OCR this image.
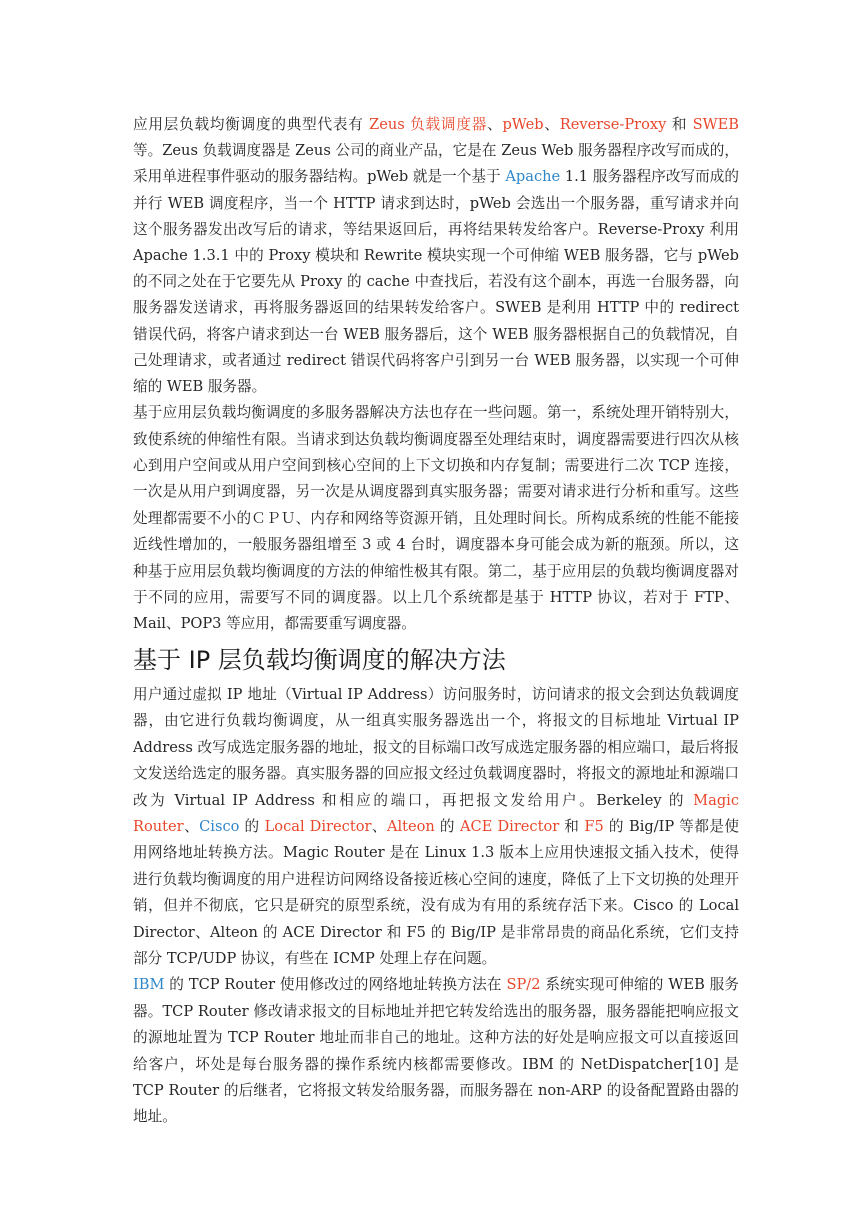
应用层负载均衡调度的典型代表有 Zeus 负载调度器、pWeb、Reverse-Proxy 和 SWEB 等。Zeus 负载调度器是 Zeus 公司的商业产品，它是在 Zeus Web 服务器程序改写而成的，采用单进程事件驱动的服务器结构。pWeb 就是一个基于 Apache 1.1 服务器程序改写而成的并行 WEB 调度程序，当一个 HTTP 请求到达时，pWeb 会选出一个服务器，重写请求并向这个服务器发出改写后的请求，等结果返回后，再将结果转发给客户。Reverse-Proxy 利用 Apache 1.3.1 中的 Proxy 模块和 Rewrite 模块实现一个可伸缩 WEB 服务器，它与 pWeb 的不同之处在于它要先从 Proxy 的 cache 中查找后，若没有这个副本，再选一台服务器，向服务器发送请求，再将服务器返回的结果转发给客户。SWEB 是利用 HTTP 中的 redirect 错误代码，将客户请求到达一台 WEB 服务器后，这个 WEB 服务器根据自己的负载情况，自己处理请求，或者通过 redirect 错误代码将客户引到另一台 WEB 服务器，以实现一个可伸缩的 WEB 服务器。

基于应用层负载均衡调度的多服务器解决方法也存在一些问题。第一，系统处理开销特别大，致使系统的伸缩性有限。当请求到达负载均衡调度器至处理结束时，调度器需要进行四次从核心到用户空间或从用户空间到核心空间的上下文切换和内存复制；需要进行二次 TCP 连接，一次是从用户到调度器，另一次是从调度器到真实服务器；需要对请求进行分析和重写。这些处理都需要不小的ＣＰＵ、内存和网络等资源开销，且处理时间长。所构成系统的性能不能接近线性增加的，一般服务器组增至 3 或 4 台时，调度器本身可能会成为新的瓶颈。所以，这种基于应用层负载均衡调度的方法的伸缩性极其有限。第二，基于应用层的负载均衡调度器对于不同的应用，需要写不同的调度器。以上几个系统都是基于 HTTP 协议，若对于 FTP、Mail、POP3 等应用，都需要重写调度器。

基于 IP 层负载均衡调度的解决方法

用户通过虚拟 IP 地址（Virtual IP Address）访问服务时，访问请求的报文会到达负载调度器，由它进行负载均衡调度，从一组真实服务器选出一个，将报文的目标地址 Virtual IP Address 改写成选定服务器的地址，报文的目标端口改写成选定服务器的相应端口，最后将报文发送给选定的服务器。真实服务器的回应报文经过负载调度器时，将报文的源地址和源端口改为 Virtual IP Address 和相应的端口，再把报文发给用户。Berkeley 的 Magic Router、Cisco 的 Local Director、Alteon 的 ACE Director 和 F5 的 Big/IP 等都是使用网络地址转换方法。Magic Router 是在 Linux 1.3 版本上应用快速报文插入技术，使得进行负载均衡调度的用户进程访问网络设备接近核心空间的速度，降低了上下文切换的处理开销，但并不彻底，它只是研究的原型系统，没有成为有用的系统存活下来。Cisco 的 Local Director、Alteon 的 ACE Director 和 F5 的 Big/IP 是非常昂贵的商品化系统，它们支持部分 TCP/UDP 协议，有些在 ICMP 处理上存在问题。

IBM 的 TCP Router 使用修改过的网络地址转换方法在 SP/2 系统实现可伸缩的 WEB 服务器。TCP Router 修改请求报文的目标地址并把它转发给选出的服务器，服务器能把响应报文的源地址置为 TCP Router 地址而非自己的地址。这种方法的好处是响应报文可以直接返回给客户，坏处是每台服务器的操作系统内核都需要修改。IBM 的 NetDispatcher[10] 是 TCP Router 的后继者，它将报文转发给服务器，而服务器在 non-ARP 的设备配置路由器的地址。
